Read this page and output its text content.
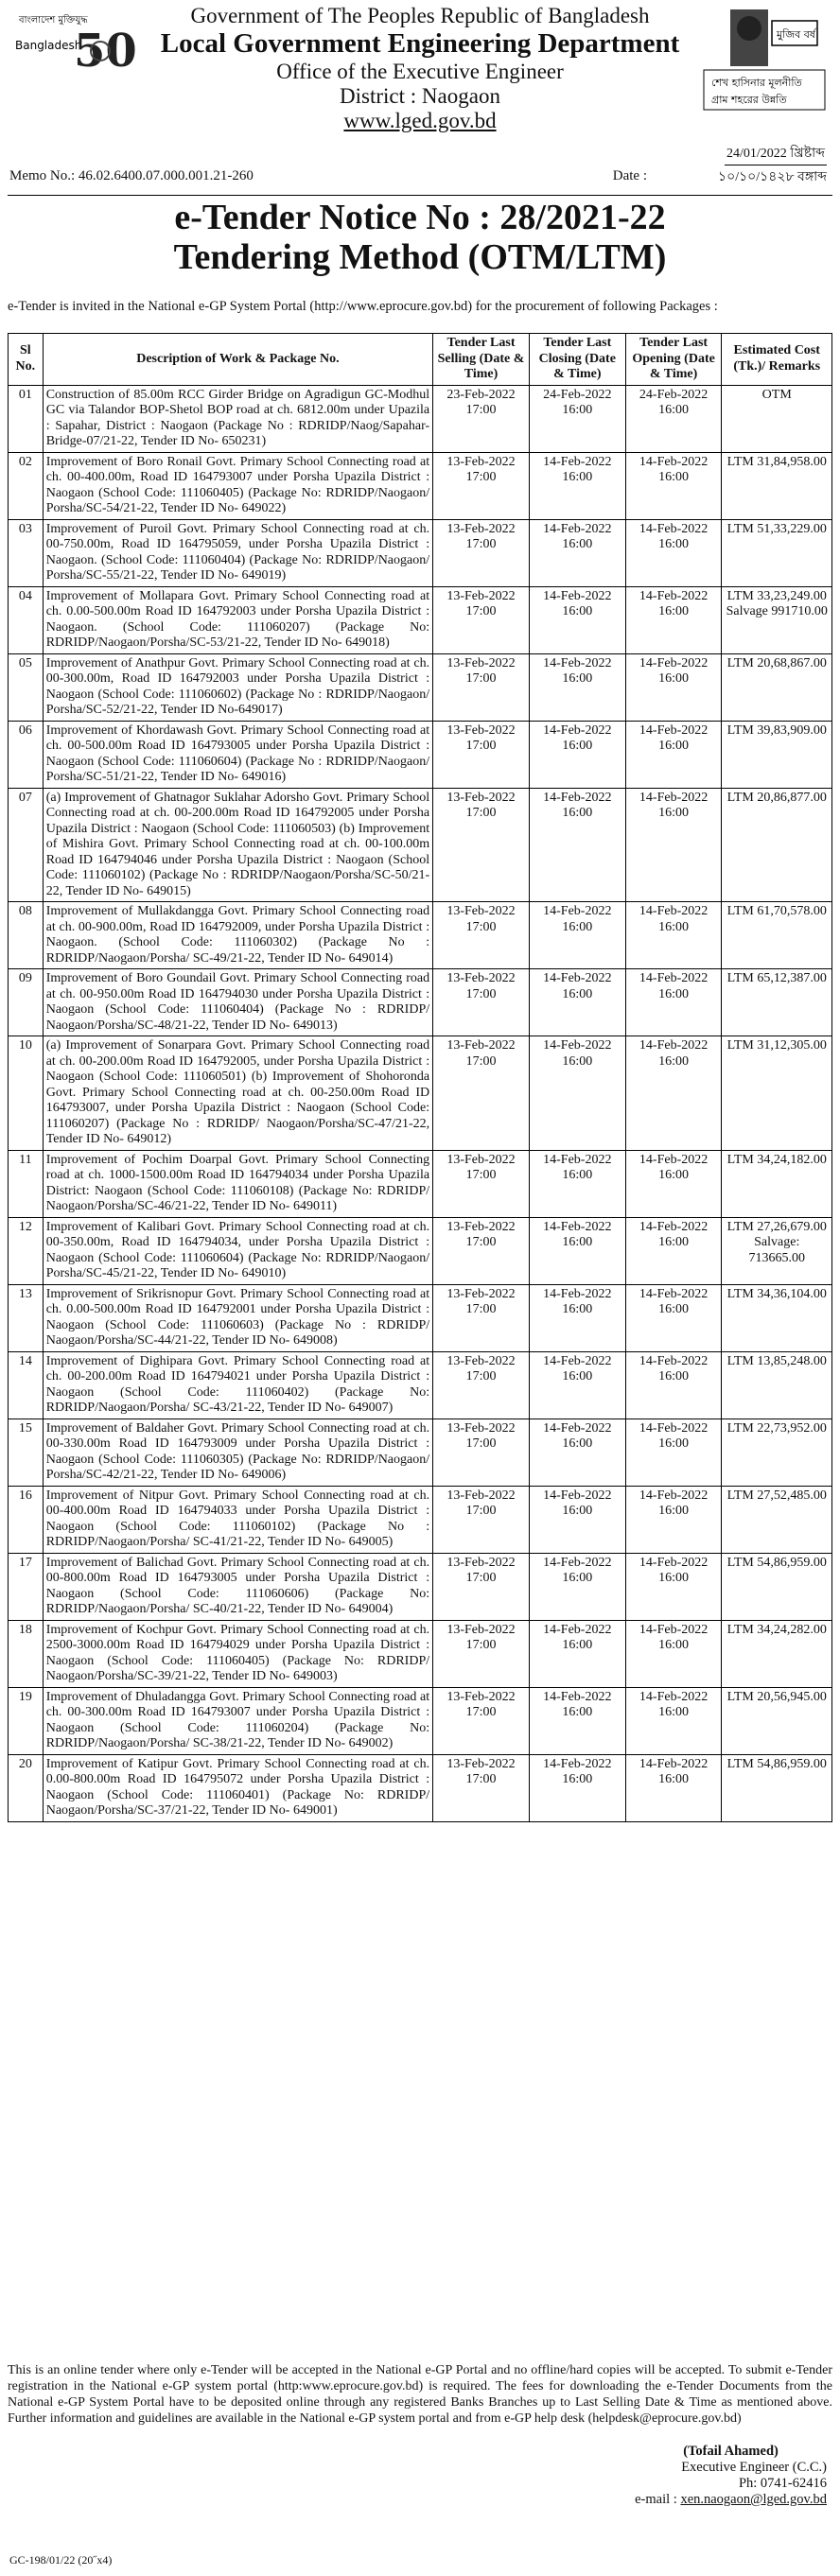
বাংলাদেশ মুক্তিযুদ্ধ
Bangladesh
50
Government of The Peoples Republic of Bangladesh
Local Government Engineering Department
Office of the Executive Engineer
District : Naogaon
www.lged.gov.bd
মুজিব বর্ষ
শেখ হাসিনার মূলনীতি
গ্রাম শহরের উন্নতি
Memo No.: 46.02.6400.07.000.001.21-260	Date :
24/01/2022 খ্রিষ্টাব্দ

১০/১০/১৪২৮ বঙ্গাব্দ
e-Tender Notice No : 28/2021-22
Tendering Method (OTM/LTM)
e-Tender is invited in the National e-GP System Portal (http://www.eprocure.gov.bd) for the procurement of following Packages :
Sl No.	Description of Work & Package No.	Tender Last Selling (Date & Time)	Tender Last Closing (Date & Time)	Tender Last Opening (Date & Time)	Estimated Cost (Tk.)/ Remarks
01	Construction of 85.00m RCC Girder Bridge on Agradigun GC-Modhul GC via Talandor BOP-Shetol BOP road at ch. 6812.00m under Upazila : Sapahar, District : Naogaon (Package No : RDRIDP/Naog/Sapahar-Bridge-07/21-22, Tender ID No- 650231)	23-Feb-2022 17:00	24-Feb-2022 16:00	24-Feb-2022 16:00	OTM
02	Improvement of Boro Ronail Govt. Primary School Connecting road at ch. 00-400.00m, Road ID 164793007 under Porsha Upazila District : Naogaon (School Code: 111060405) (Package No: RDRIDP/Naogaon/ Porsha/SC-54/21-22, Tender ID No- 649022)	13-Feb-2022 17:00	14-Feb-2022 16:00	14-Feb-2022 16:00	LTM 31,84,958.00
03	Improvement of Puroil Govt. Primary School Connecting road at ch. 00-750.00m, Road ID 164795059, under Porsha Upazila District : Naogaon. (School Code: 111060404) (Package No: RDRIDP/Naogaon/ Porsha/SC-55/21-22, Tender ID No- 649019)	13-Feb-2022 17:00	14-Feb-2022 16:00	14-Feb-2022 16:00	LTM 51,33,229.00
04	Improvement of Mollapara Govt. Primary School Connecting road at ch. 0.00-500.00m Road ID 164792003 under Porsha Upazila District : Naogaon. (School Code: 111060207) (Package No: RDRIDP/Naogaon/Porsha/SC-53/21-22, Tender ID No- 649018)	13-Feb-2022 17:00	14-Feb-2022 16:00	14-Feb-2022 16:00	LTM 33,23,249.00 Salvage 991710.00
05	Improvement of Anathpur Govt. Primary School Connecting road at ch. 00-300.00m, Road ID 164792003 under Porsha Upazila District : Naogaon (School Code: 111060602) (Package No : RDRIDP/Naogaon/ Porsha/SC-52/21-22, Tender ID No-649017)	13-Feb-2022 17:00	14-Feb-2022 16:00	14-Feb-2022 16:00	LTM 20,68,867.00
06	Improvement of Khordawash Govt. Primary School Connecting road at ch. 00-500.00m Road ID 164793005 under Porsha Upazila District : Naogaon (School Code: 111060604) (Package No : RDRIDP/Naogaon/ Porsha/SC-51/21-22, Tender ID No- 649016)	13-Feb-2022 17:00	14-Feb-2022 16:00	14-Feb-2022 16:00	LTM 39,83,909.00
07	(a) Improvement of Ghatnagor Suklahar Adorsho Govt. Primary School Connecting road at ch. 00-200.00m Road ID 164792005 under Porsha Upazila District : Naogaon (School Code: 111060503) (b) Improvement of Mishira Govt. Primary School Connecting road at ch. 00-100.00m Road ID 164794046 under Porsha Upazila District : Naogaon (School Code: 111060102) (Package No : RDRIDP/Naogaon/Porsha/SC-50/21-22, Tender ID No- 649015)	13-Feb-2022 17:00	14-Feb-2022 16:00	14-Feb-2022 16:00	LTM 20,86,877.00
08	Improvement of Mullakdangga Govt. Primary School Connecting road at ch. 00-900.00m, Road ID 164792009, under Porsha Upazila District : Naogaon. (School Code: 111060302) (Package No : RDRIDP/Naogaon/Porsha/ SC-49/21-22, Tender ID No- 649014)	13-Feb-2022 17:00	14-Feb-2022 16:00	14-Feb-2022 16:00	LTM 61,70,578.00
09	Improvement of Boro Goundail Govt. Primary School Connecting road at ch. 00-950.00m Road ID 164794030 under Porsha Upazila District : Naogaon (School Code: 111060404) (Package No : RDRIDP/ Naogaon/Porsha/SC-48/21-22, Tender ID No- 649013)	13-Feb-2022 17:00	14-Feb-2022 16:00	14-Feb-2022 16:00	LTM 65,12,387.00
10	(a) Improvement of Sonarpara Govt. Primary School Connecting road at ch. 00-200.00m Road ID 164792005, under Porsha Upazila District : Naogaon (School Code: 111060501) (b) Improvement of Shohoronda Govt. Primary School Connecting road at ch. 00-250.00m Road ID 164793007, under Porsha Upazila District : Naogaon (School Code: 111060207) (Package No : RDRIDP/ Naogaon/Porsha/SC-47/21-22, Tender ID No- 649012)	13-Feb-2022 17:00	14-Feb-2022 16:00	14-Feb-2022 16:00	LTM 31,12,305.00
11	Improvement of Pochim Doarpal Govt. Primary School Connecting road at ch. 1000-1500.00m Road ID 164794034 under Porsha Upazila District: Naogaon (School Code: 111060108) (Package No: RDRIDP/ Naogaon/Porsha/SC-46/21-22, Tender ID No- 649011)	13-Feb-2022 17:00	14-Feb-2022 16:00	14-Feb-2022 16:00	LTM 34,24,182.00
12	Improvement of Kalibari Govt. Primary School Connecting road at ch. 00-350.00m, Road ID 164794034, under Porsha Upazila District : Naogaon (School Code: 111060604) (Package No: RDRIDP/Naogaon/ Porsha/SC-45/21-22, Tender ID No- 649010)	13-Feb-2022 17:00	14-Feb-2022 16:00	14-Feb-2022 16:00	LTM 27,26,679.00 Salvage: 713665.00
13	Improvement of Srikrisnopur Govt. Primary School Connecting road at ch. 0.00-500.00m Road ID 164792001 under Porsha Upazila District : Naogaon (School Code: 111060603) (Package No : RDRIDP/ Naogaon/Porsha/SC-44/21-22, Tender ID No- 649008)	13-Feb-2022 17:00	14-Feb-2022 16:00	14-Feb-2022 16:00	LTM 34,36,104.00
14	Improvement of Dighipara Govt. Primary School Connecting road at ch. 00-200.00m Road ID 164794021 under Porsha Upazila District : Naogaon (School Code: 111060402) (Package No: RDRIDP/Naogaon/Porsha/ SC-43/21-22, Tender ID No- 649007)	13-Feb-2022 17:00	14-Feb-2022 16:00	14-Feb-2022 16:00	LTM 13,85,248.00
15	Improvement of Baldaher Govt. Primary School Connecting road at ch. 00-330.00m Road ID 164793009 under Porsha Upazila District : Naogaon (School Code: 111060305) (Package No: RDRIDP/Naogaon/ Porsha/SC-42/21-22, Tender ID No- 649006)	13-Feb-2022 17:00	14-Feb-2022 16:00	14-Feb-2022 16:00	LTM 22,73,952.00
16	Improvement of Nitpur Govt. Primary School Connecting road at ch. 00-400.00m Road ID 164794033 under Porsha Upazila District : Naogaon (School Code: 111060102) (Package No : RDRIDP/Naogaon/Porsha/ SC-41/21-22, Tender ID No- 649005)	13-Feb-2022 17:00	14-Feb-2022 16:00	14-Feb-2022 16:00	LTM 27,52,485.00
17	Improvement of Balichad Govt. Primary School Connecting road at ch. 00-800.00m Road ID 164793005 under Porsha Upazila District : Naogaon (School Code: 111060606) (Package No: RDRIDP/Naogaon/Porsha/ SC-40/21-22, Tender ID No- 649004)	13-Feb-2022 17:00	14-Feb-2022 16:00	14-Feb-2022 16:00	LTM 54,86,959.00
18	Improvement of Kochpur Govt. Primary School Connecting road at ch. 2500-3000.00m Road ID 164794029 under Porsha Upazila District : Naogaon (School Code: 111060405) (Package No: RDRIDP/ Naogaon/Porsha/SC-39/21-22, Tender ID No- 649003)	13-Feb-2022 17:00	14-Feb-2022 16:00	14-Feb-2022 16:00	LTM 34,24,282.00
19	Improvement of Dhuladangga Govt. Primary School Connecting road at ch. 00-300.00m Road ID 164793007 under Porsha Upazila District : Naogaon (School Code: 111060204) (Package No: RDRIDP/Naogaon/Porsha/ SC-38/21-22, Tender ID No- 649002)	13-Feb-2022 17:00	14-Feb-2022 16:00	14-Feb-2022 16:00	LTM 20,56,945.00
20	Improvement of Katipur Govt. Primary School Connecting road at ch. 0.00-800.00m Road ID 164795072 under Porsha Upazila District : Naogaon (School Code: 111060401) (Package No: RDRIDP/ Naogaon/Porsha/SC-37/21-22, Tender ID No- 649001)	13-Feb-2022 17:00	14-Feb-2022 16:00	14-Feb-2022 16:00	LTM 54,86,959.00
This is an online tender where only e-Tender will be accepted in the National e-GP Portal and no offline/hard copies will be accepted. To submit e-Tender registration in the National e-GP system portal (http:www.eprocure.gov.bd) is required. The fees for downloading the e-Tender Documents from the National e-GP System Portal have to be deposited online through any registered Banks Branches up to Last Selling Date & Time as mentioned above. Further information and guidelines are available in the National e-GP system portal and from e-GP help desk (helpdesk@eprocure.gov.bd)
(Tofail Ahamed)
Executive Engineer (C.C.)
Ph: 0741-62416
e-mail : xen.naogaon@lged.gov.bd
GC-198/01/22 (20˝x4)
